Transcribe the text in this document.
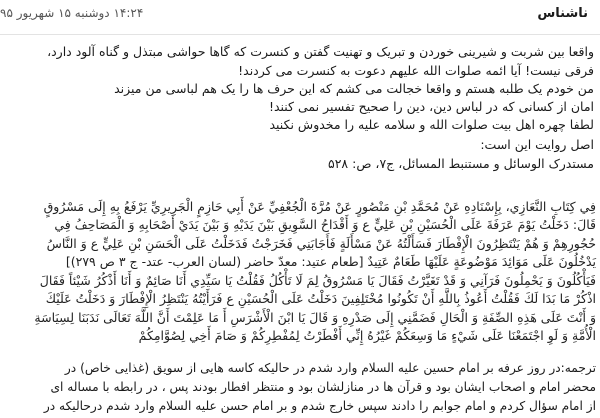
ناشناس
۱۴:۲۴ دوشنبه ۱۵ شهریور ۹۵
واقعا بین شربت و شیرینی خوردن و تبریک و تهنیت گفتن و کنسرت که گاها حواشی مبتذل و گناه آلود دارد،
فرقی نیست! آیا ائمه صلوات الله علیهم دعوت به کنسرت می کردند!
من خودم یک طلبه هستم و واقعا خجالت می کشم که این حرف ها را یک هم لباسی من میزند
امان از کسانی که در لباس دین، دین را صحیح تفسیر نمی کنند!
لطفا چهره اهل بیت صلوات الله و سلامه علیه را مخدوش نکنید
اصل روایت این است:
مستدرک الوسائل و مستنبط المسائل، ج۷، ص: ۵۲۸
فِي كِتَابِ النَّعَازِي، بِإِسْنَادِهِ عَنْ مُحَمَّدِ بْنِ مَنْصُورٍ عَنْ مُرَّةَ الْجُعْفِيِّ عَنْ أَبِي حَازِمٍ الْجَرِيرِيِّ يَرْفَعُ بِهِ إِلَى مَسْرُوقٍ
قَالَ: دَخَلْتُ يَوْمَ عَرَفَةَ عَلَى الْحُسَيْنِ بْنِ عَلِيٍّ ع وَ أَقْدَاحُ السَّوِيقِ بَيْنَ يَدَيْهِ وَ بَيْنَ يَدَيْ أَصْحَابِهِ وَ الْمَصَاحِفُ فِي
حُجُورِهِمْ وَ هُمْ يَنْتَظِرُونَ الْإِفْطَارَ فَسَأَلْتُهُ عَنْ مَسْأَلَةٍ فَأَجَابَنِي فَخَرَجْتُ فَدَخَلْتُ عَلَى الْحَسَنِ بْنِ عَلِيٍّ ع وَ النَّاسُ
يَدْخُلُونَ عَلَى مَوَائِدَ مَوْضُوعَةٍ عَلَيْهَا طَعَامٌ عَتِيدٌ [طعام عتيد: معدّ حاضر (لسان العرب- عتد- ج ۳ ص ۲۷۹)]
فَيَأْكُلُونَ وَ يَحْمِلُونَ فَرَآنِي وَ قَدْ تَغَيَّرْتُ فَقَالَ يَا مَسْرُوقُ لِمَ لَا تَأْكُلُ فَقُلْتُ يَا سَيِّدِي أَنَا صَائِمٌ وَ أَنَا أَذْكُرُ شَيْئاً فَقَالَ
اذْكُرْ مَا بَدَا لَكَ فَقُلْتُ أَعُوذُ بِاللَّهِ أَنْ تَكُونُوا مُخْتَلِفِينَ دَخَلْتُ عَلَى الْحُسَيْنِ ع فَرَأَيْتُهُ يَنْتَظِرُ الْإِفْطَارَ وَ دَخَلْتُ عَلَيْكَ
وَ أَنْتَ عَلَى هَذِهِ الصِّفَةِ وَ الْحَالِ فَضَمَّنِي إِلَى صَدْرِهِ وَ قَالَ يَا ابْنَ الْأَشْرَسِ أَ مَا عَلِمْتَ أَنَّ اللَّهَ تَعَالَى نَدَبَنَا لِسِيَاسَةِ
الْأُمَّةِ وَ لَوِ اجْتَمَعْنَا عَلَى شَيْءٍ مَا وَسِعَكُمْ غَيْرُهُ إِنِّي أَفْطَرْتُ لِمُفْطِرِكُمْ وَ صَامَ أَخِي لِصُوَّامِكُمْ
ترجمه:در روز عرفه بر امام حسین علیه السلام وارد شدم در حالیکه کاسه هایی از سویق (غذایی خاص) در
محضر امام و اصحاب ایشان بود و قرآن ها در منازلشان بود و منتظر افطار بودند پس ، در رابطه با مساله ای
از امام سؤال کردم و امام جوابم را دادند سپس خارج شدم و بر امام حسن علیه السلام وارد شدم درحالیکه در
